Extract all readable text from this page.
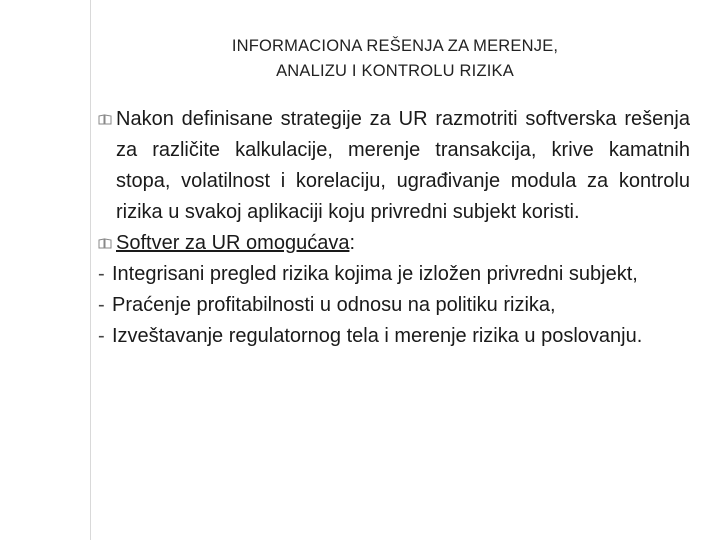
INFORMACIONA REŠENJA ZA MERENJE,
ANALIZU I KONTROLU RIZIKA
Nakon definisane strategije za UR razmotriti softverska rešenja za različite kalkulacije, merenje transakcija, krive kamatnih stopa, volatilnost i korelaciju, ugrađivanje modula za kontrolu rizika u svakoj aplikaciji koju privredni subjekt koristi.
Softver za UR omogućava:
- Integrisani pregled rizika kojima je izložen privredni subjekt,
- Praćenje profitabilnosti u odnosu na politiku rizika,
- Izveštavanje regulatornog tela i merenje rizika u poslovanju.
